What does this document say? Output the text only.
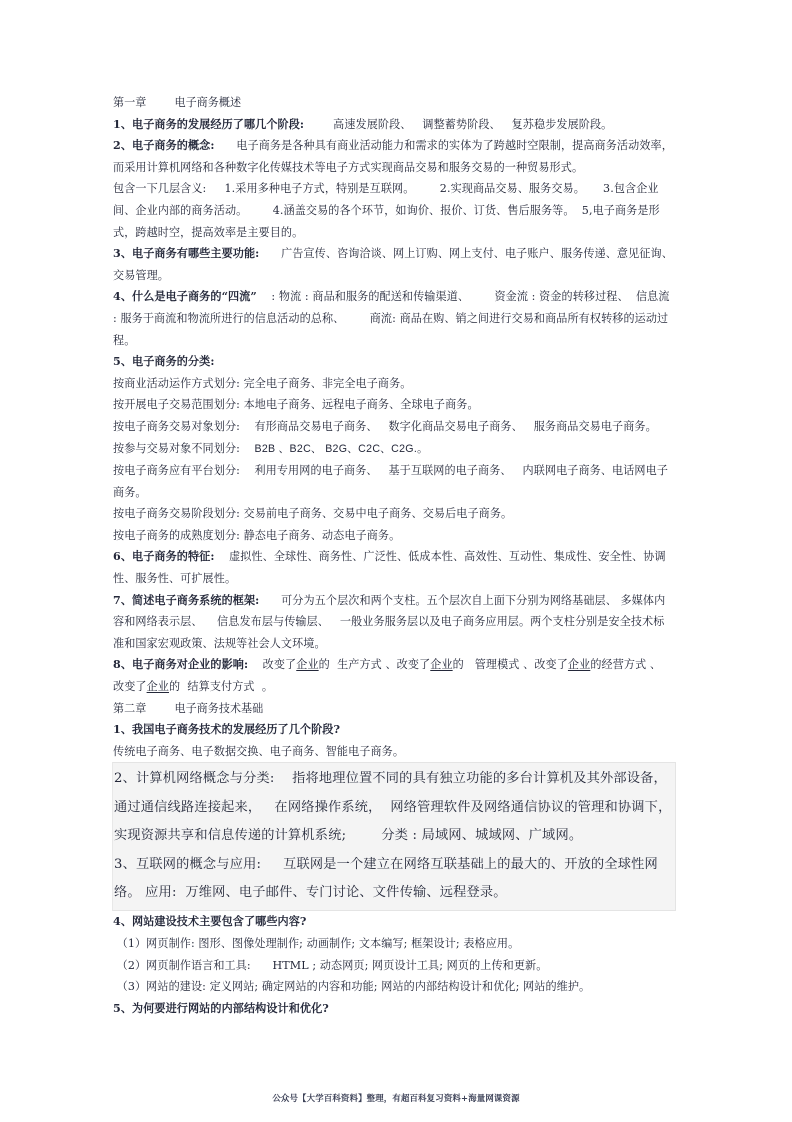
第一章        电子商务概述

1、电子商务的发展经历了哪几个阶段:        高速发展阶段、   调整蓄势阶段、   复苏稳步发展阶段。

2、电子商务的概念:      电子商务是各种具有商业活动能力和需求的实体为了跨越时空限制，提高商务活动效率，   而采用计算机网络和各种数字化传媒技术等电子方式实现商品交易和服务交易的一种贸易形式。

包含一下几层含义:     1.采用多种电子方式，特别是互联网。       2.实现商品交易、服务交易。     3.包含企业间、企业内部的商务活动。       4.涵盖交易的各个环节，如询价、报价、订货、售后服务等。  5,电子商务是形式，跨越时空，提高效率是主要目的。

3、电子商务有哪些主要功能:      广告宣传、咨询洽谈、网上订购、网上支付、电子账户、服务传递、意见征询、交易管理。

4、什么是电子商务的“四流”    : 物流 : 商品和服务的配送和传输渠道、       资金流 : 资金的转移过程、  信息流 : 服务于商流和物流所进行的信息活动的总称、       商流: 商品在购、销之间进行交易和商品所有权转移的运动过程。

5、电子商务的分类:

按商业活动运作方式划分: 完全电子商务、非完全电子商务。

按开展电子交易范围划分: 本地电子商务、远程电子商务、全球电子商务。

按电子商务交易对象划分:    有形商品交易电子商务、   数字化商品交易电子商务、   服务商品交易电子商务。

按参与交易对象不同划分:    B2B 、B2C、 B2G、C2C、C2G.。

按电子商务应有平台划分:    利用专用网的电子商务、   基于互联网的电子商务、   内联网电子商务、电话网电子商务。

按电子商务交易阶段划分: 交易前电子商务、交易中电子商务、交易后电子商务。

按电子商务的成熟度划分: 静态电子商务、动态电子商务。

6、电子商务的特征:    虚拟性、全球性、商务性、广泛性、低成本性、高效性、互动性、集成性、安全性、协调性、服务性、可扩展性。

7、简述电子商务系统的框架:      可分为五个层次和两个支柱。五个层次自上面下分别为网络基础层、 多媒体内容和网络表示层、    信息发布层与传输层、   一般业务服务层以及电子商务应用层。两个支柱分别是安全技术标准和国家宏观政策、法规等社会人文环境。

8、电子商务对企业的影响:    改变了企业的  生产方式 、改变了企业的   管理模式 、改变了企业的经营方式 、 改变了企业的  结算支付方式  。

第二章        电子商务技术基础

1、我国电子商务技术的发展经历了几个阶段?

传统电子商务、电子数据交换、电子商务、智能电子商务。

2、计算机网络概念与分类:    指将地理位置不同的具有独立功能的多台计算机及其外部设备，通过通信线路连接起来，   在网络操作系统，  网络管理软件及网络通信协议的管理和协调下，实现资源共享和信息传递的计算机系统;        分类 : 局域网、城域网、广域网。

3、互联网的概念与应用:     互联网是一个建立在网络互联基础上的最大的、开放的全球性网络。 应用:  万维网、电子邮件、专门讨论、文件传输、远程登录。

4、网站建设技术主要包含了哪些内容?

（1）网页制作: 图形、图像处理制作; 动画制作; 文本编写; 框架设计; 表格应用。

（2）网页制作语言和工具:      HTML ; 动态网页; 网页设计工具; 网页的上传和更新。

（3）网站的建设: 定义网站; 确定网站的内容和功能; 网站的内部结构设计和优化; 网站的维护。

5、为何要进行网站的内部结构设计和优化?

公众号【大学百科资料】整理，有超百科复习资料+海量网课资源
